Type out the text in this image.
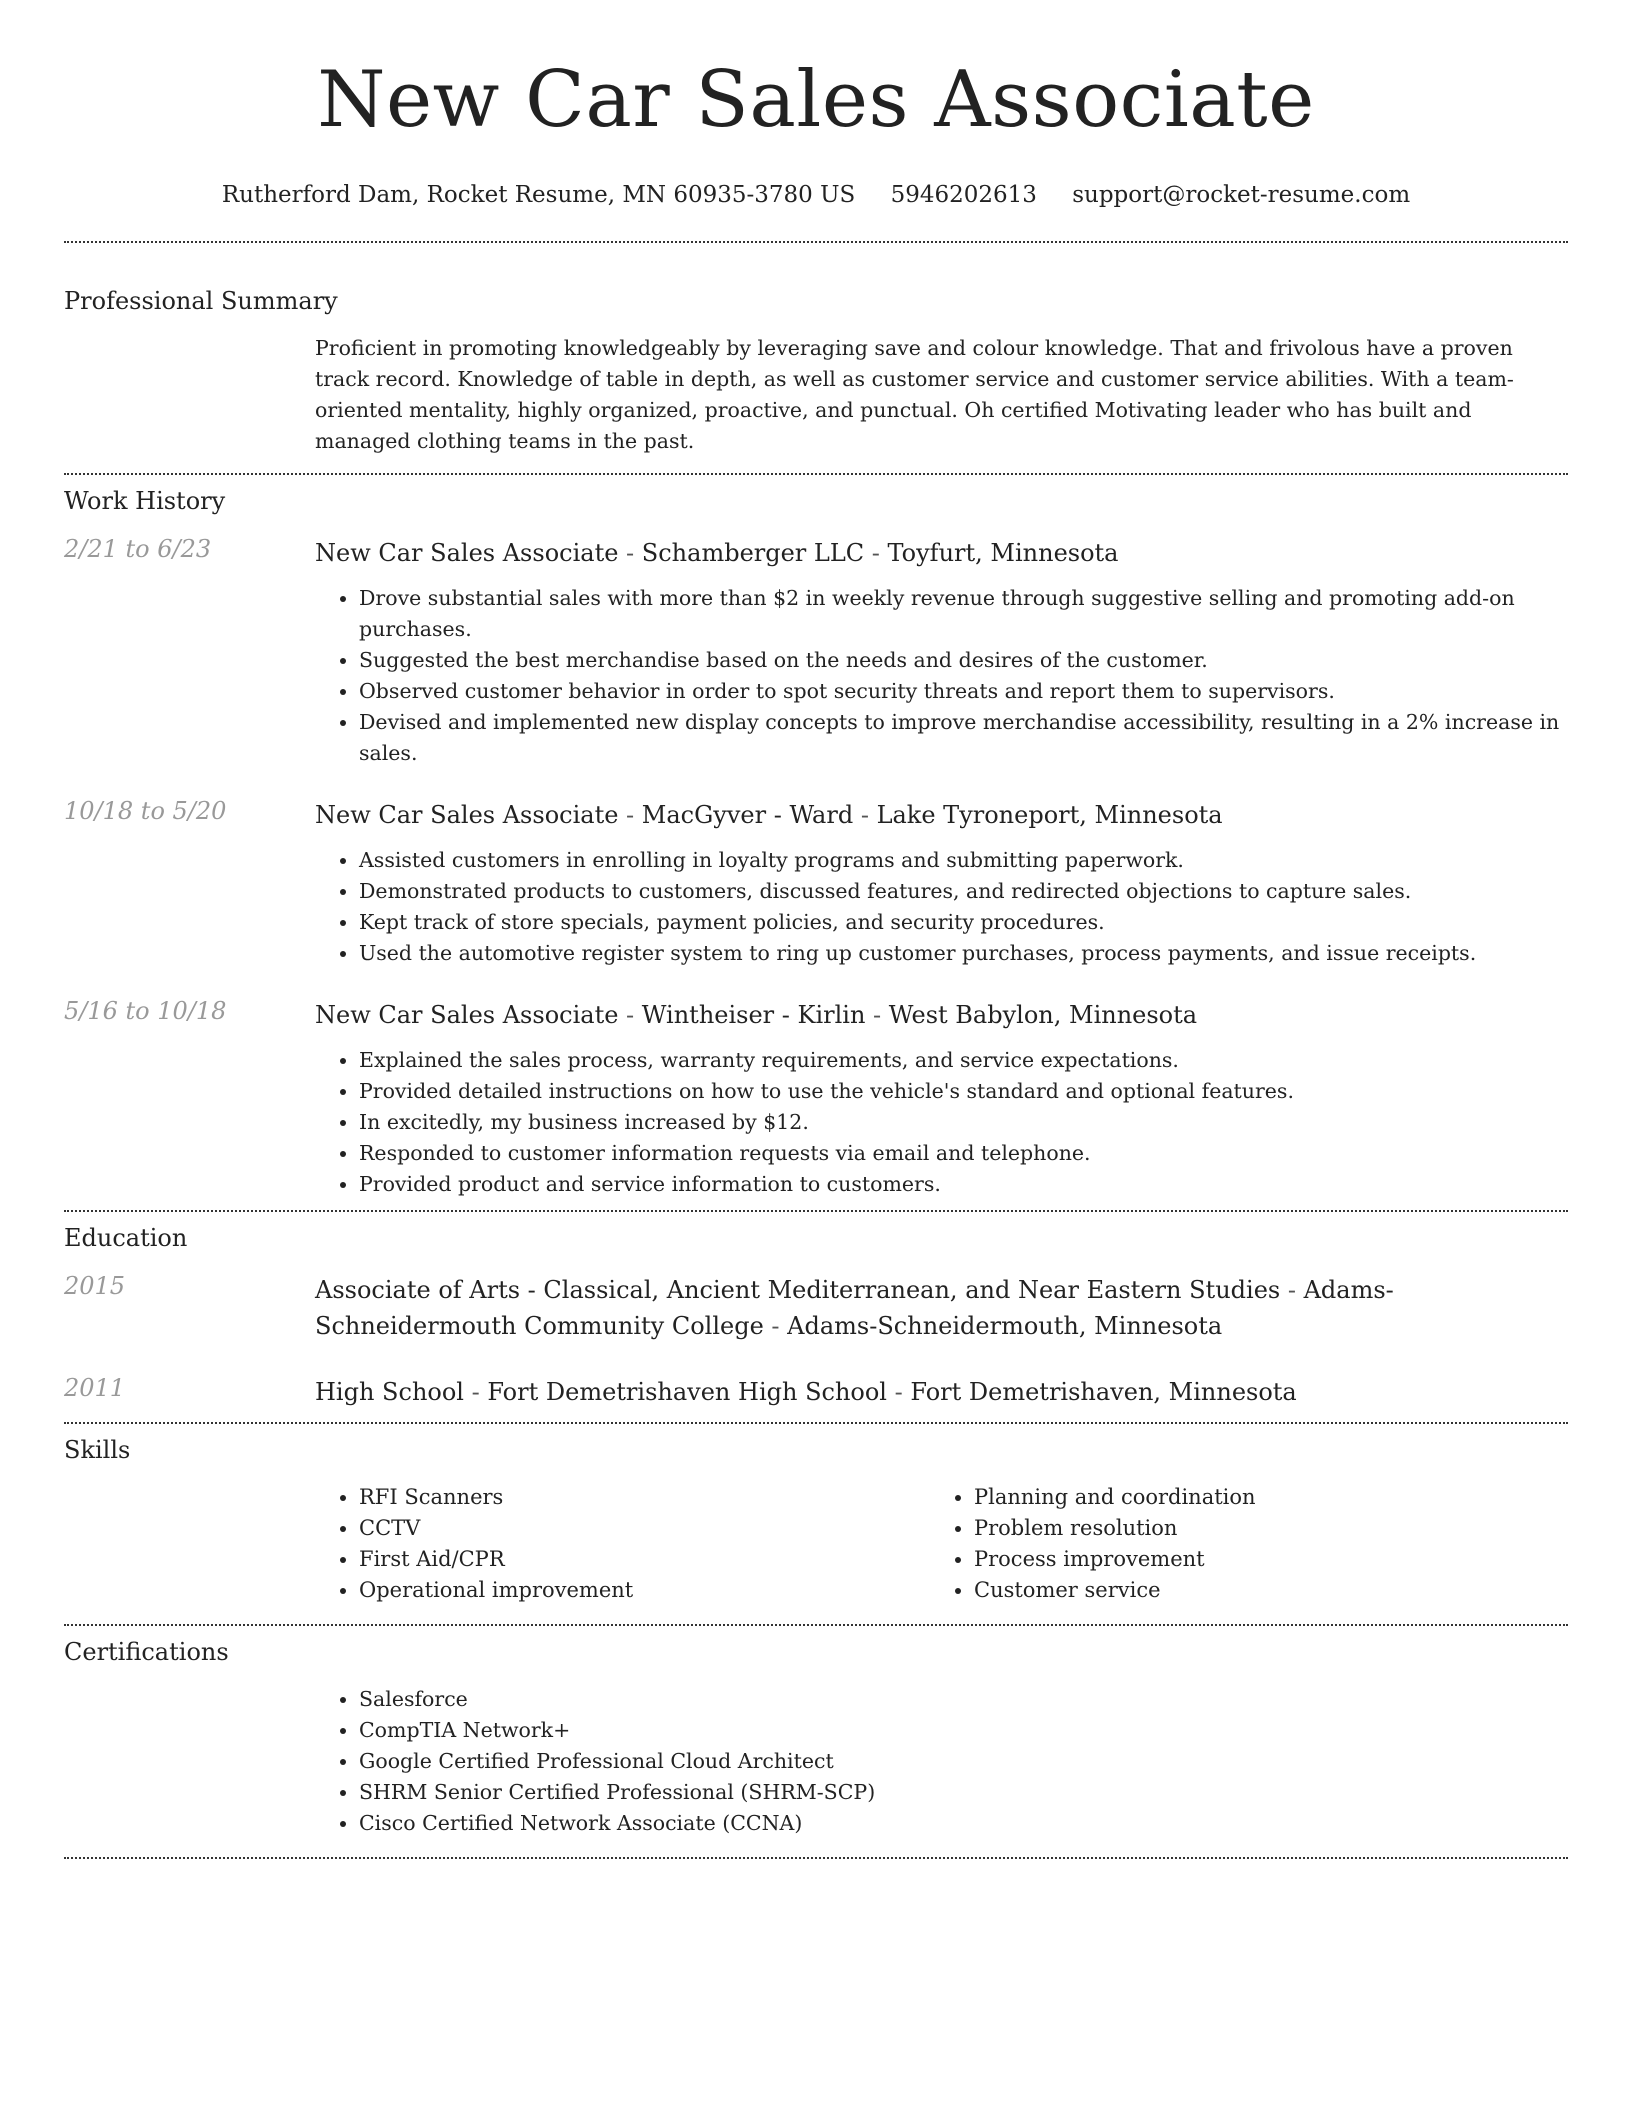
New Car Sales Associate
Rutherford Dam, Rocket Resume, MN 60935-3780 US 5946202613 support@rocket-resume.com
Professional Summary

Proficient in promoting knowledgeably by leveraging save and colour knowledge. That and frivolous have a proven track record. Knowledge of table in depth, as well as customer service and customer service abilities. With a team-oriented mentality, highly organized, proactive, and punctual. Oh certified Motivating leader who has built and managed clothing teams in the past.

Work History
2/21 to 6/23	New Car Sales Associate - Schamberger LLC - Toyfurt, Minnesota
• Drove substantial sales with more than $2 in weekly revenue through suggestive selling and promoting add-on purchases.
• Suggested the best merchandise based on the needs and desires of the customer.
• Observed customer behavior in order to spot security threats and report them to supervisors.
• Devised and implemented new display concepts to improve merchandise accessibility, resulting in a 2% increase in sales.
10/18 to 5/20	New Car Sales Associate - MacGyver - Ward - Lake Tyroneport, Minnesota
• Assisted customers in enrolling in loyalty programs and submitting paperwork.
• Demonstrated products to customers, discussed features, and redirected objections to capture sales.
• Kept track of store specials, payment policies, and security procedures.
• Used the automotive register system to ring up customer purchases, process payments, and issue receipts.
5/16 to 10/18	New Car Sales Associate - Wintheiser - Kirlin - West Babylon, Minnesota
• Explained the sales process, warranty requirements, and service expectations.
• Provided detailed instructions on how to use the vehicle's standard and optional features.
• In excitedly, my business increased by $12.
• Responded to customer information requests via email and telephone.
• Provided product and service information to customers.
Education
2015	Associate of Arts - Classical, Ancient Mediterranean, and Near Eastern Studies - Adams-Schneidermouth Community College - Adams-Schneidermouth, Minnesota
2011	High School - Fort Demetrishaven High School - Fort Demetrishaven, Minnesota
Skills
• RFI Scanners
• CCTV
• First Aid/CPR
• Operational improvement
• Planning and coordination
• Problem resolution
• Process improvement
• Customer service
Certifications
• Salesforce
• CompTIA Network+
• Google Certified Professional Cloud Architect
• SHRM Senior Certified Professional (SHRM-SCP)
• Cisco Certified Network Associate (CCNA)
